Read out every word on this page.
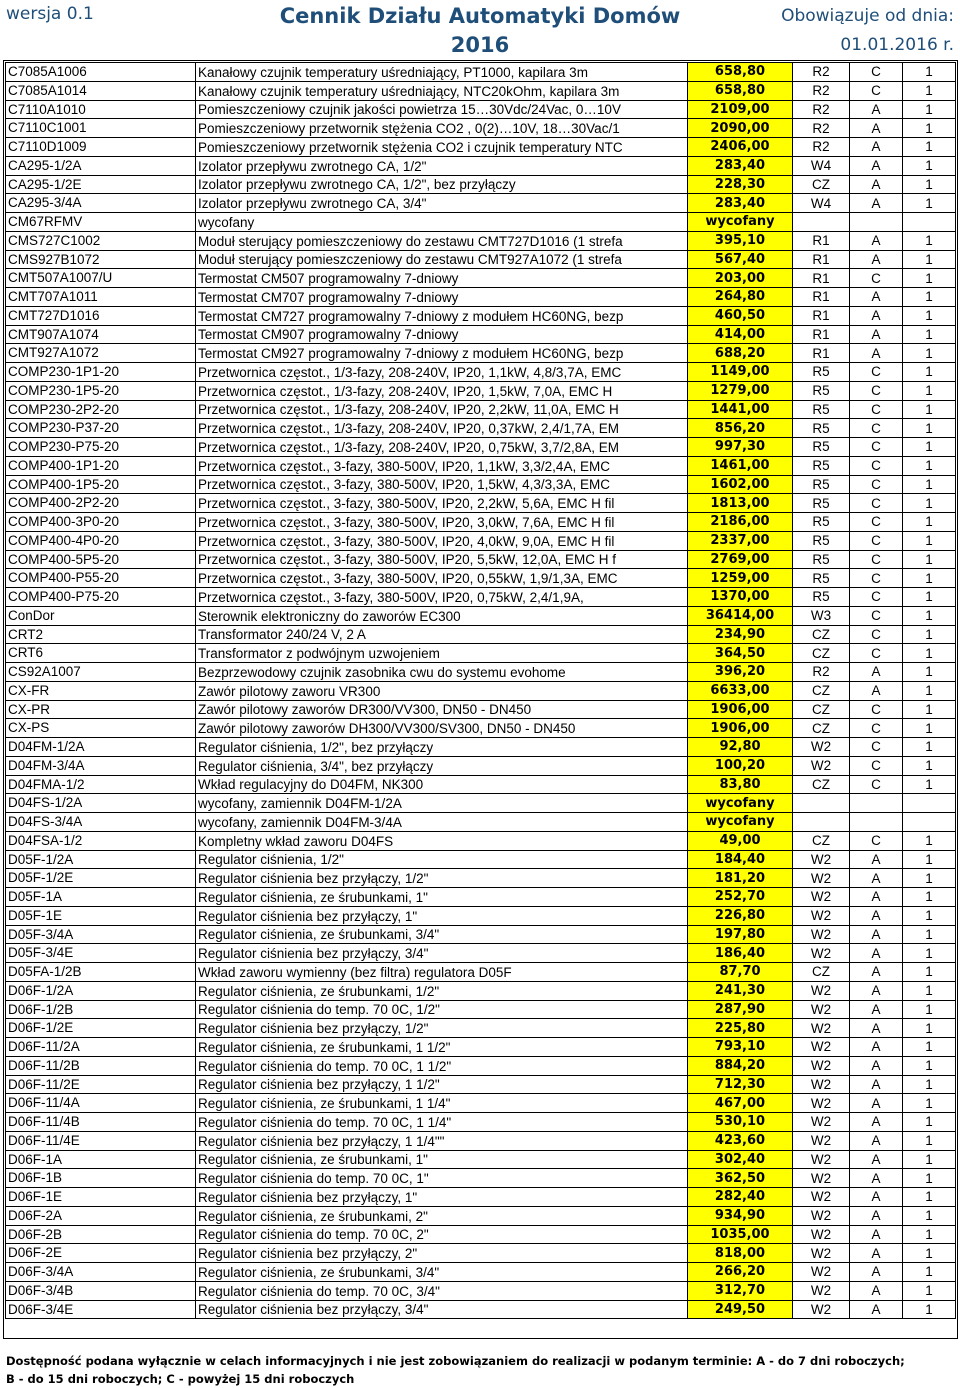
wersja 0.1	Cennik Działu Automatyki Domów
2016
Obowiązuje od dnia:
01.01.2016 r.
C7085A1006	Kanałowy czujnik temperatury uśredniający, PT1000, kapilara 3m	658,80	R2	C	1
C7085A1014	Kanałowy czujnik temperatury uśredniający, NTC20kOhm, kapilara 3m	658,80	R2	C	1
C7110A1010	Pomieszczeniowy czujnik jakości powietrza 15…30Vdc/24Vac, 0…10V	2109,00	R2	A	1
C7110C1001	Pomieszczeniowy przetwornik stężenia CO2 , 0(2)…10V, 18…30Vac/1	2090,00	R2	A	1
C7110D1009	Pomieszczeniowy przetwornik stężenia CO2 i czujnik temperatury NTC	2406,00	R2	A	1
CA295-1/2A	Izolator przepływu zwrotnego CA, 1/2"	283,40	W4	A	1
CA295-1/2E	Izolator przepływu zwrotnego CA, 1/2", bez przyłączy	228,30	CZ	A	1
CA295-3/4A	Izolator przepływu zwrotnego CA, 3/4"	283,40	W4	A	1
CM67RFMV	wycofany	wycofany			
CMS727C1002	Moduł sterujący pomieszczeniowy do zestawu CMT727D1016 (1 strefa	395,10	R1	A	1
CMS927B1072	Moduł sterujący pomieszczeniowy do zestawu CMT927A1072 (1 strefa	567,40	R1	A	1
CMT507A1007/U	Termostat CM507 programowalny 7-dniowy	203,00	R1	C	1
CMT707A1011	Termostat CM707 programowalny 7-dniowy	264,80	R1	A	1
CMT727D1016	Termostat CM727 programowalny 7-dniowy z modułem HC60NG, bezp	460,50	R1	A	1
CMT907A1074	Termostat CM907 programowalny 7-dniowy	414,00	R1	A	1
CMT927A1072	Termostat CM927 programowalny 7-dniowy z modułem HC60NG, bezp	688,20	R1	A	1
COMP230-1P1-20	Przetwornica częstot., 1/3-fazy, 208-240V, IP20, 1,1kW, 4,8/3,7A, EMC	1149,00	R5	C	1
COMP230-1P5-20	Przetwornica częstot., 1/3-fazy, 208-240V, IP20, 1,5kW, 7,0A, EMC H	1279,00	R5	C	1
COMP230-2P2-20	Przetwornica częstot., 1/3-fazy, 208-240V, IP20, 2,2kW, 11,0A, EMC H	1441,00	R5	C	1
COMP230-P37-20	Przetwornica częstot., 1/3-fazy, 208-240V, IP20, 0,37kW, 2,4/1,7A, EM	856,20	R5	C	1
COMP230-P75-20	Przetwornica częstot., 1/3-fazy, 208-240V, IP20, 0,75kW, 3,7/2,8A, EM	997,30	R5	C	1
COMP400-1P1-20	Przetwornica częstot., 3-fazy, 380-500V, IP20, 1,1kW, 3,3/2,4A, EMC	1461,00	R5	C	1
COMP400-1P5-20	Przetwornica częstot., 3-fazy, 380-500V, IP20, 1,5kW, 4,3/3,3A, EMC	1602,00	R5	C	1
COMP400-2P2-20	Przetwornica częstot., 3-fazy, 380-500V, IP20, 2,2kW, 5,6A, EMC H fil	1813,00	R5	C	1
COMP400-3P0-20	Przetwornica częstot., 3-fazy, 380-500V, IP20, 3,0kW, 7,6A, EMC H fil	2186,00	R5	C	1
COMP400-4P0-20	Przetwornica częstot., 3-fazy, 380-500V, IP20, 4,0kW, 9,0A, EMC H fil	2337,00	R5	C	1
COMP400-5P5-20	Przetwornica częstot., 3-fazy, 380-500V, IP20, 5,5kW, 12,0A, EMC H f	2769,00	R5	C	1
COMP400-P55-20	Przetwornica częstot., 3-fazy, 380-500V, IP20, 0,55kW, 1,9/1,3A, EMC	1259,00	R5	C	1
COMP400-P75-20	Przetwornica częstot., 3-fazy, 380-500V, IP20, 0,75kW, 2,4/1,9A,	1370,00	R5	C	1
ConDor	Sterownik elektroniczny do zaworów EC300	36414,00	W3	C	1
CRT2	Transformator 240/24 V, 2 A	234,90	CZ	C	1
CRT6	Transformator z podwójnym uzwojeniem	364,50	CZ	C	1
CS92A1007	Bezprzewodowy czujnik zasobnika cwu do systemu evohome	396,20	R2	A	1
CX-FR	Zawór pilotowy zaworu VR300	6633,00	CZ	A	1
CX-PR	Zawór pilotowy zaworów DR300/VV300, DN50 - DN450	1906,00	CZ	C	1
CX-PS	Zawór pilotowy zaworów DH300/VV300/SV300, DN50 - DN450	1906,00	CZ	C	1
D04FM-1/2A	Regulator ciśnienia, 1/2", bez przyłączy	92,80	W2	C	1
D04FM-3/4A	Regulator ciśnienia, 3/4", bez przyłączy	100,20	W2	C	1
D04FMA-1/2	Wkład regulacyjny do D04FM, NK300	83,80	CZ	C	1
D04FS-1/2A	wycofany, zamiennik D04FM-1/2A	wycofany			
D04FS-3/4A	wycofany, zamiennik D04FM-3/4A	wycofany			
D04FSA-1/2	Kompletny wkład zaworu D04FS	49,00	CZ	C	1
D05F-1/2A	Regulator ciśnienia, 1/2"	184,40	W2	A	1
D05F-1/2E	Regulator ciśnienia bez przyłączy, 1/2"	181,20	W2	A	1
D05F-1A	Regulator ciśnienia, ze śrubunkami, 1"	252,70	W2	A	1
D05F-1E	Regulator ciśnienia bez przyłączy, 1"	226,80	W2	A	1
D05F-3/4A	Regulator ciśnienia, ze śrubunkami, 3/4"	197,80	W2	A	1
D05F-3/4E	Regulator ciśnienia bez przyłączy, 3/4"	186,40	W2	A	1
D05FA-1/2B	Wkład zaworu wymienny (bez filtra) regulatora D05F	87,70	CZ	A	1
D06F-1/2A	Regulator ciśnienia, ze śrubunkami, 1/2"	241,30	W2	A	1
D06F-1/2B	Regulator ciśnienia do temp. 70 0C, 1/2"	287,90	W2	A	1
D06F-1/2E	Regulator ciśnienia bez przyłączy, 1/2"	225,80	W2	A	1
D06F-11/2A	Regulator ciśnienia, ze śrubunkami, 1 1/2"	793,10	W2	A	1
D06F-11/2B	Regulator ciśnienia do temp. 70 0C, 1 1/2"	884,20	W2	A	1
D06F-11/2E	Regulator ciśnienia bez przyłączy, 1 1/2"	712,30	W2	A	1
D06F-11/4A	Regulator ciśnienia, ze śrubunkami, 1 1/4"	467,00	W2	A	1
D06F-11/4B	Regulator ciśnienia do temp. 70 0C, 1 1/4"	530,10	W2	A	1
D06F-11/4E	Regulator ciśnienia bez przyłączy, 1 1/4""	423,60	W2	A	1
D06F-1A	Regulator ciśnienia, ze śrubunkami, 1"	302,40	W2	A	1
D06F-1B	Regulator ciśnienia do temp. 70 0C, 1"	362,50	W2	A	1
D06F-1E	Regulator ciśnienia bez przyłączy, 1"	282,40	W2	A	1
D06F-2A	Regulator ciśnienia, ze śrubunkami, 2"	934,90	W2	A	1
D06F-2B	Regulator ciśnienia do temp. 70 0C, 2"	1035,00	W2	A	1
D06F-2E	Regulator ciśnienia bez przyłączy, 2"	818,00	W2	A	1
D06F-3/4A	Regulator ciśnienia, ze śrubunkami, 3/4"	266,20	W2	A	1
D06F-3/4B	Regulator ciśnienia do temp. 70 0C, 3/4"	312,70	W2	A	1
D06F-3/4E	Regulator ciśnienia bez przyłączy, 3/4"	249,50	W2	A	1
Dostępność podana wyłącznie w celach informacyjnych i nie jest zobowiązaniem do realizacji w podanym terminie: A - do 7 dni roboczych;
B - do 15 dni roboczych; C - powyżej 15 dni roboczych
